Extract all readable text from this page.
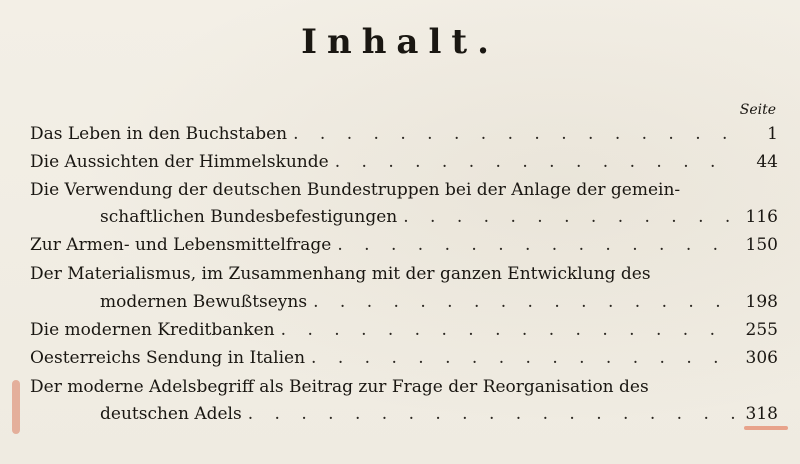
Inhalt.
Seite
Das Leben in den Buchstaben . . .	1
Die Aussichten der Himmelskunde . . .	44
Die Verwendung der deutschen Bundestruppen bei der Anlage der gemein-
schaftlichen Bundesbefestigungen . . .	116
Zur Armen- und Lebensmittelfrage . . .	150
Der Materialismus, im Zusammenhang mit der ganzen Entwicklung des
modernen Bewußtseyns . . .	198
Die modernen Kreditbanken . . .	255
Oesterreichs Sendung in Italien . . .	306
Der moderne Adelsbegriff als Beitrag zur Frage der Reorganisation des
deutschen Adels . . .	318
